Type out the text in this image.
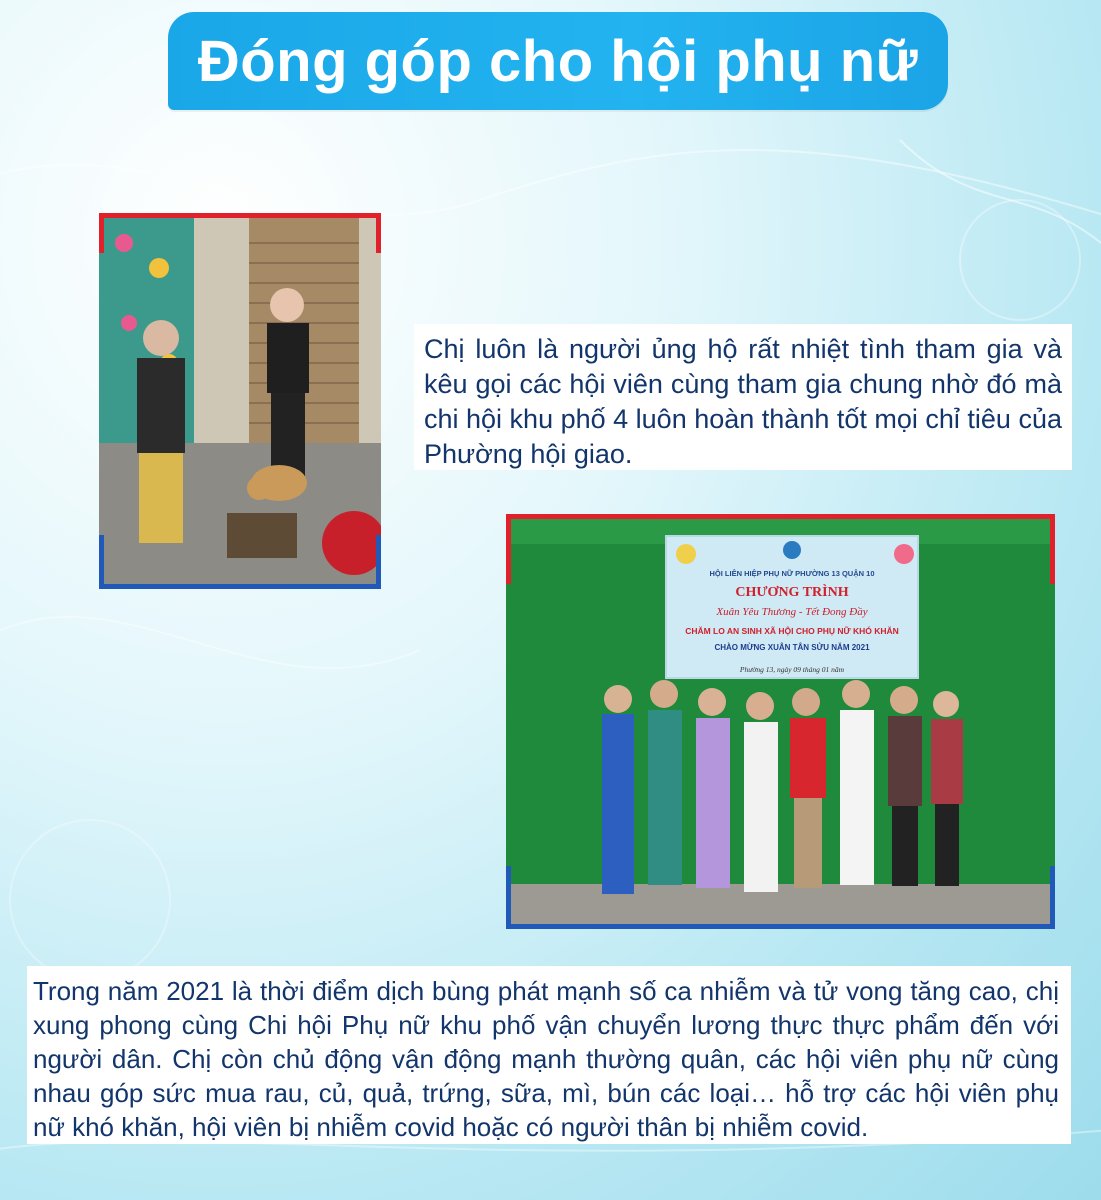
Đóng góp cho hội phụ nữ
Chị luôn là người ủng hộ rất nhiệt tình tham gia và kêu gọi các hội viên cùng tham gia chung nhờ đó mà chi hội khu phố 4 luôn hoàn thành tốt mọi chỉ tiêu của Phường hội giao.
HỘI LIÊN HIỆP PHỤ NỮ PHƯỜNG 13 QUẬN 10
CHƯƠNG TRÌNH
Xuân Yêu Thương - Tết Đong Đầy
CHĂM LO AN SINH XÃ HỘI CHO PHỤ NỮ KHÓ KHĂN
CHÀO MỪNG XUÂN TÂN SỬU NĂM 2021
Phường 13, ngày 09 tháng 01 năm
Trong năm 2021 là thời điểm dịch bùng phát mạnh số ca nhiễm và tử vong tăng cao, chị xung phong cùng Chi hội Phụ nữ khu phố vận chuyển lương thực thực phẩm đến với người dân. Chị còn chủ động vận động mạnh thường quân, các hội viên phụ nữ cùng nhau góp sức mua rau, củ, quả, trứng, sữa, mì, bún các loại… hỗ trợ các hội viên phụ nữ khó khăn, hội viên bị nhiễm covid hoặc có người thân bị nhiễm covid.
